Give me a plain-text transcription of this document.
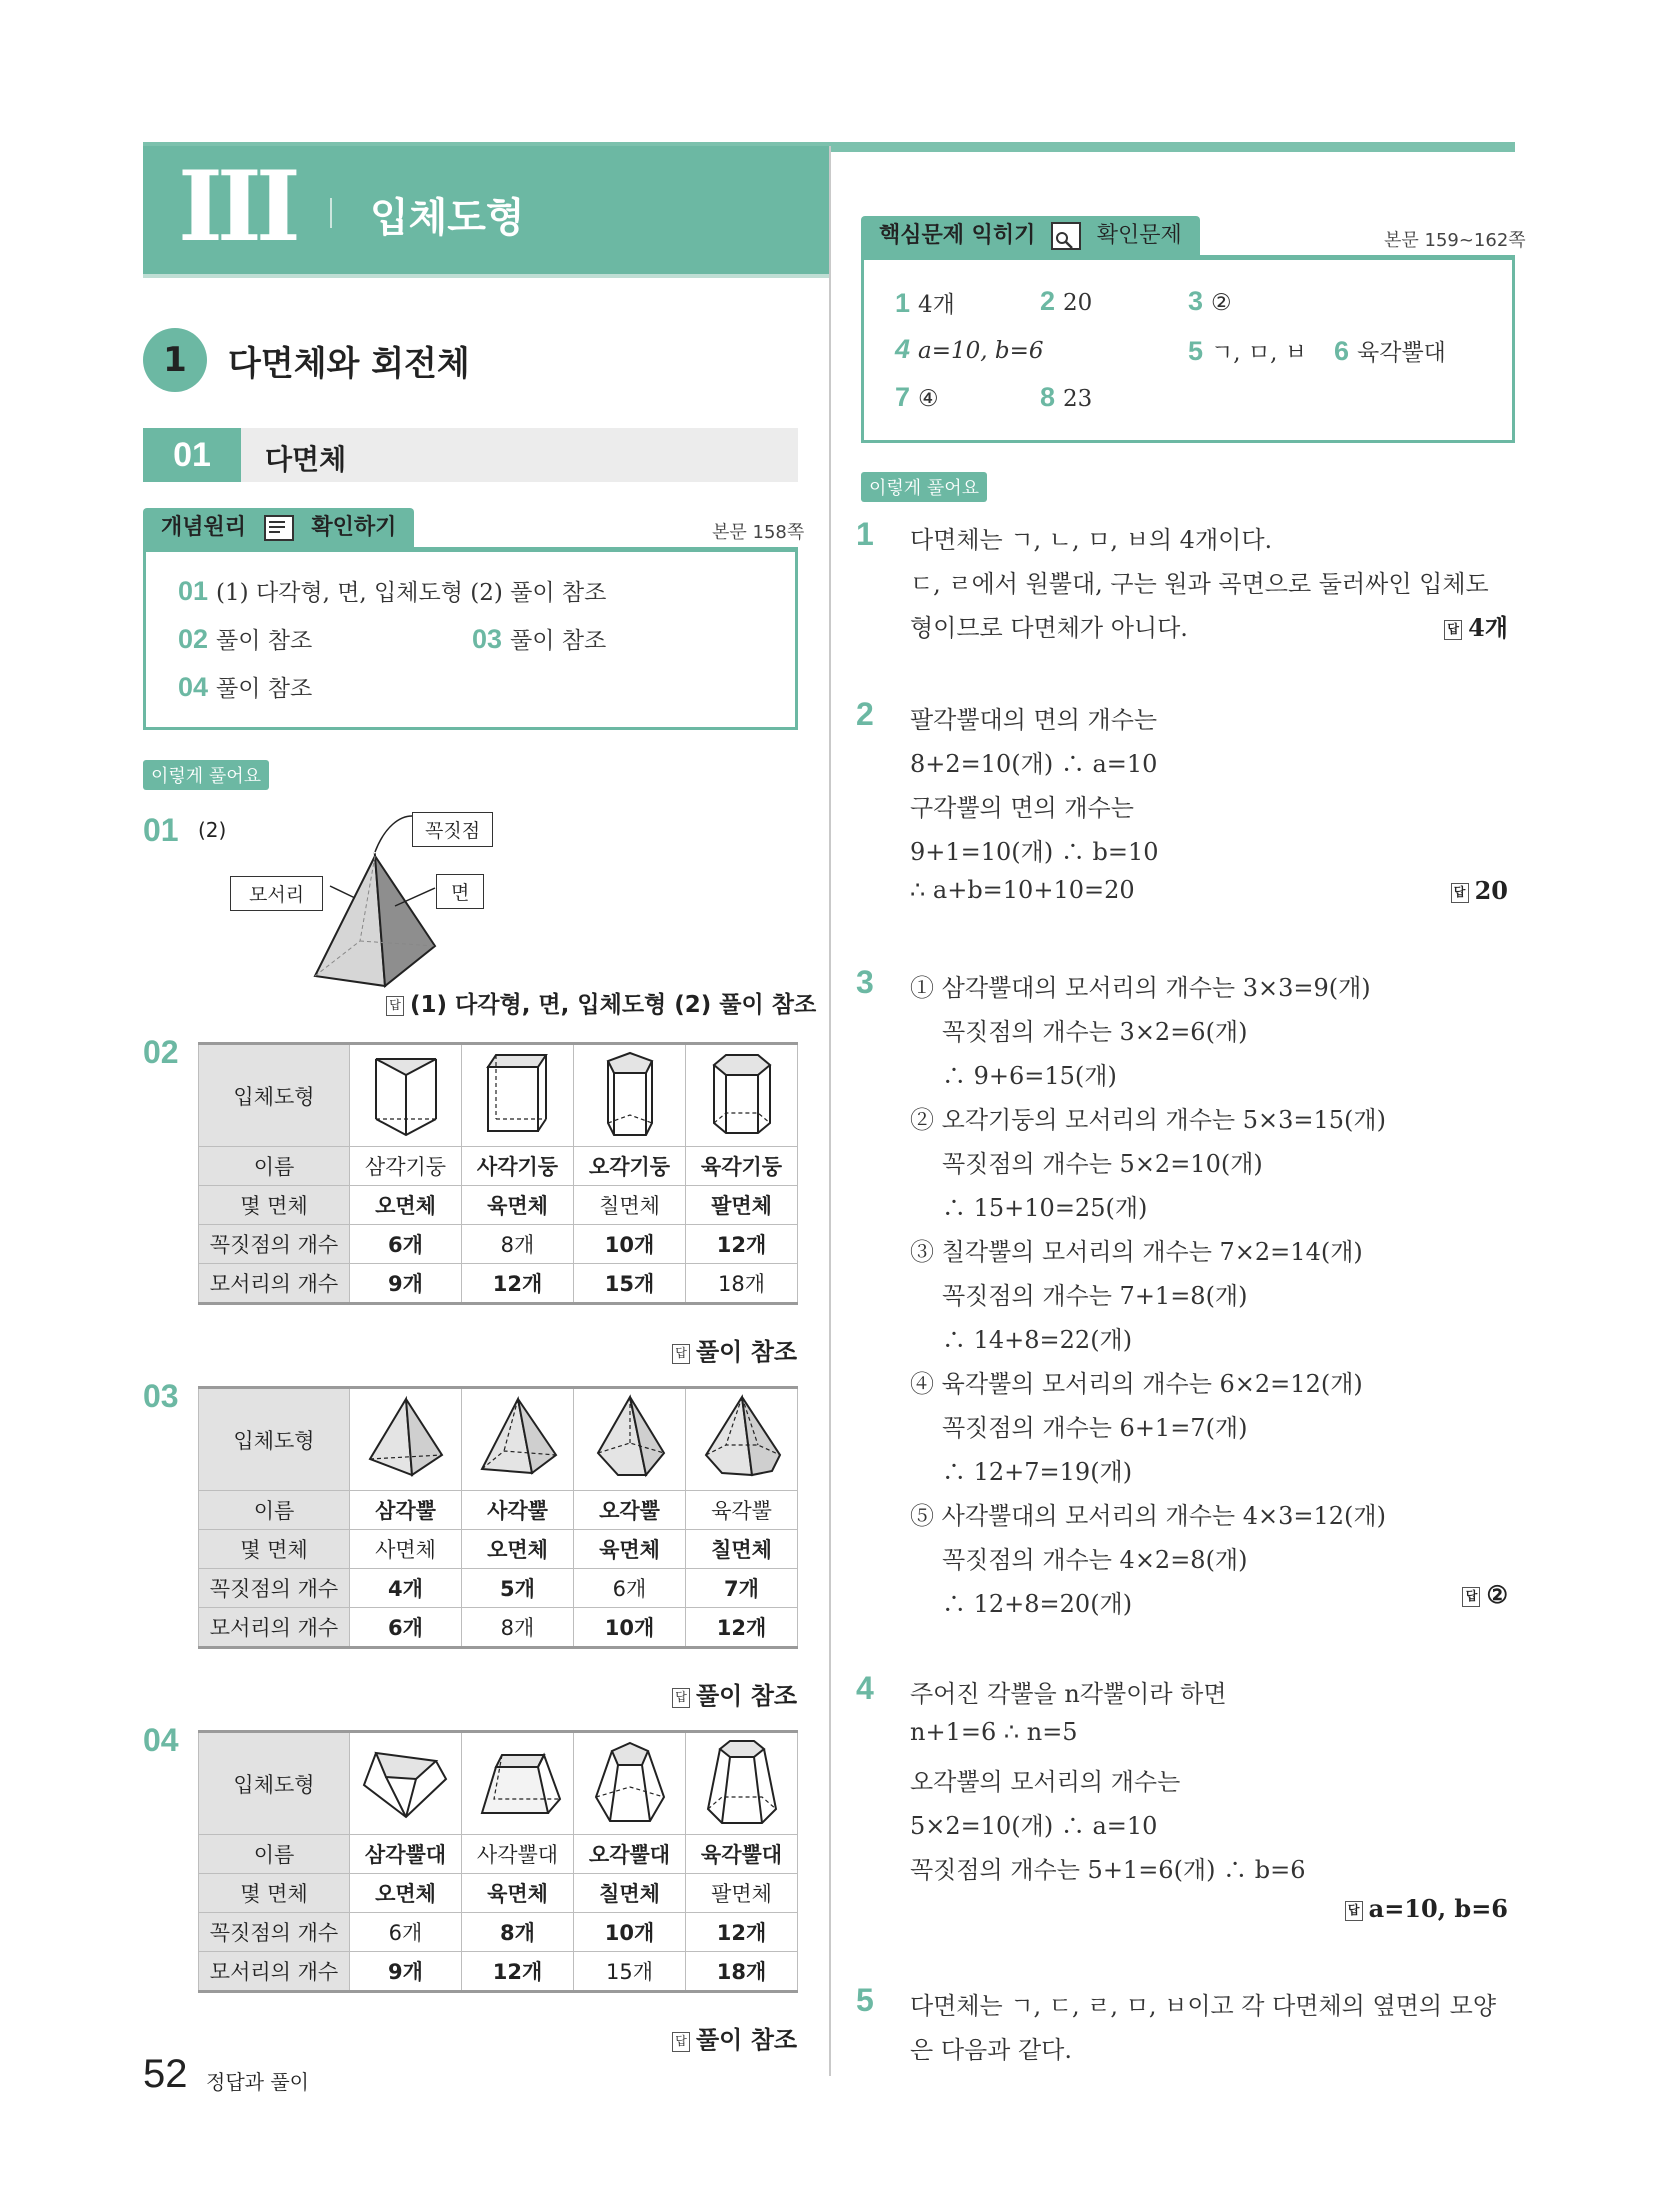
III 입체도형
1	다면체와 회전체
01	다면체
개념원리	확인하기	본문 158쪽
01 (1) 다각형, 면, 입체도형 (2) 풀이 참조
02 풀이 참조	03 풀이 참조
04 풀이 참조
이렇게 풀어요
01 (2)	꼭짓점
모서리	면
답 (1) 다각형, 면, 입체도형 (2) 풀이 참조
02
입체도형				
이름	삼각기둥	사각기둥	오각기둥	육각기둥
몇 면체	오면체	육면체	칠면체	팔면체
꼭짓점의 개수	6개	8개	10개	12개
모서리의 개수	9개	12개	15개	18개
답 풀이 참조
03
입체도형				
이름	삼각뿔	사각뿔	오각뿔	육각뿔
몇 면체	사면체	오면체	육면체	칠면체
꼭짓점의 개수	4개	5개	6개	7개
모서리의 개수	6개	8개	10개	12개
답 풀이 참조
04
입체도형				
이름	삼각뿔대	사각뿔대	오각뿔대	육각뿔대
몇 면체	오면체	육면체	칠면체	팔면체
꼭짓점의 개수	6개	8개	10개	12개
모서리의 개수	9개	12개	15개	18개
답 풀이 참조
핵심문제 익히기	확인문제	본문 159~162쪽
1 4개	2 20	3 ②
4 a=10, b=6	5 ㄱ, ㅁ, ㅂ 6 육각뿔대
7 ④	8 23
이렇게 풀어요
1 다면체는 ㄱ, ㄴ, ㅁ, ㅂ의 4개이다.
ㄷ, ㄹ에서 원뿔대, 구는 원과 곡면으로 둘러싸인 입체도
형이므로 다면체가 아니다.	답 4개
2 팔각뿔대의 면의 개수는
8+2=10(개) ∴ a=10
구각뿔의 면의 개수는
9+1=10(개) ∴ b=10
∴ a+b=10+10=20	답 20
3 ① 삼각뿔대의 모서리의 개수는 3×3=9(개)
꼭짓점의 개수는 3×2=6(개)
∴ 9+6=15(개)
② 오각기둥의 모서리의 개수는 5×3=15(개)
꼭짓점의 개수는 5×2=10(개)
∴ 15+10=25(개)
③ 칠각뿔의 모서리의 개수는 7×2=14(개)
꼭짓점의 개수는 7+1=8(개)
∴ 14+8=22(개)
④ 육각뿔의 모서리의 개수는 6×2=12(개)
꼭짓점의 개수는 6+1=7(개)
∴ 12+7=19(개)
⑤ 사각뿔대의 모서리의 개수는 4×3=12(개)
꼭짓점의 개수는 4×2=8(개)
∴ 12+8=20(개)	답 ②
4 주어진 각뿔을 n각뿔이라 하면
n+1=6 ∴ n=5
오각뿔의 모서리의 개수는
5×2=10(개) ∴ a=10
꼭짓점의 개수는 5+1=6(개) ∴ b=6
답 a=10, b=6
5 다면체는 ㄱ, ㄷ, ㄹ, ㅁ, ㅂ이고 각 다면체의 옆면의 모양
은 다음과 같다.
52 정답과 풀이
